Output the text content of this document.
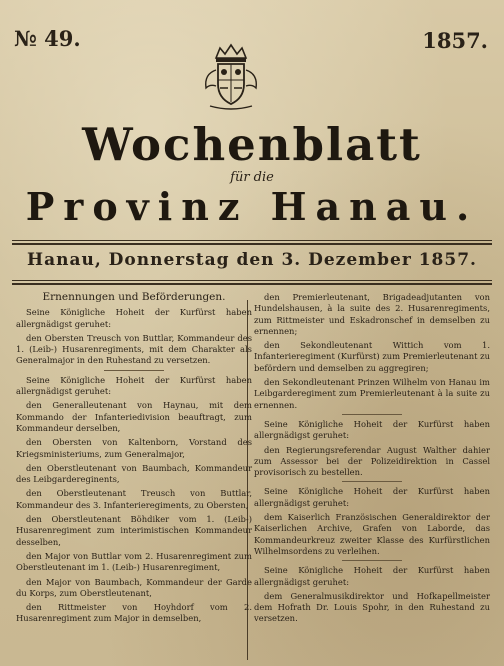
№ 49.	1857.
Wochenblatt
für die
Provinz Hanau.
Hanau, Donnerstag den 3. Dezember 1857.

Ernennungen und Beförderungen.

Seine Königliche Hoheit der Kurfürst haben allergnädigst geruhet:

den Obersten Treusch von Buttlar, Kommandeur des 1. (Leib-) Husarenregiments, mit dem Charakter als Generalmajor in den Ruhestand zu versetzen.

Seine Königliche Hoheit der Kurfürst haben allergnädigst geruhet:

den Generalleutenant von Haynau, mit dem Kommando der Infanteriedivision beauftragt, zum Kommandeur derselben,

den Obersten von Kaltenborn, Vorstand des Kriegsministeriums, zum Generalmajor,

den Oberstleutenant von Baumbach, Kommandeur des Leibgardereginents,

den Oberstleutenant Treusch von Buttlar, Kommandeur des 3. Infanterieregiments, zu Obersten,

den Oberstleutenant Böhdiker vom 1. (Leib-) Husarenregiment zum interimistischen Kommandeur desselben,

den Major von Buttlar vom 2. Husarenregiment zum Oberstleutenant im 1. (Leib-) Husarenregiment,

den Major von Baumbach, Kommandeur der Garde du Korps, zum Oberstleutenant,

den Rittmeister von Hoyhdorf vom 2. Husarenregiment zum Major in demselben,

den Premierleutenant, Brigadeadjutanten von Hundelshausen, à la suite des 2. Husarenregiments, zum Rittmeister und Eskadronschef in demselben zu ernennen;

den Sekondleutenant Wittich vom 1. Infanterieregiment (Kurfürst) zum Premierleutenant zu befördern und demselben zu aggregiren;

den Sekondleutenant Prinzen Wilhelm von Hanau im Leibgarderegiment zum Premierleutenant à la suite zu ernennen.

Seine Königliche Hoheit der Kurfürst haben allergnädigst geruhet:

den Regierungsreferendar August Walther dahier zum Assessor bei der Polizeidirektion in Cassel provisorisch zu bestellen.

Seine Königliche Hoheit der Kurfürst haben allergnädigst geruhet:

dem Kaiserlich Französischen Generaldirektor der Kaiserlichen Archive, Grafen von Laborde, das Kommandeurkreuz zweiter Klasse des Kurfürstlichen Wilhelmsordens zu verleihen.

Seine Königliche Hoheit der Kurfürst haben allergnädigst geruhet:

dem Generalmusikdirektor und Hofkapellmeister dem Hofrath Dr. Louis Spohr, in den Ruhestand zu versetzen.
